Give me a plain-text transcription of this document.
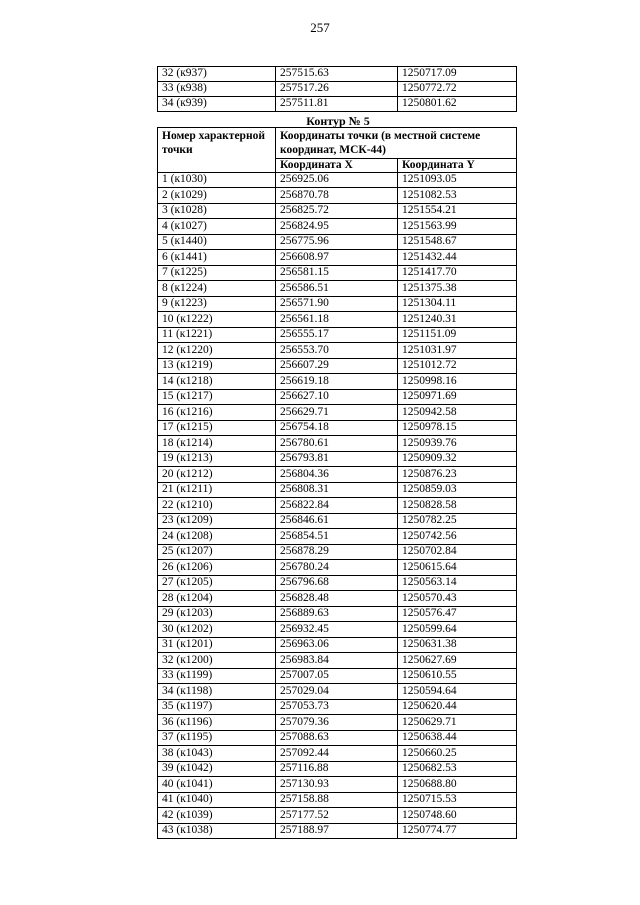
257
32 (к937)	257515.63	1250717.09
33 (к938)	257517.26	1250772.72
34 (к939)	257511.81	1250801.62
Контур № 5
Номер характерной точки	Координаты точки (в местной системе координат, МСК-44)	
	Координата X	Координата Y
1 (к1030)	256925.06	1251093.05
2 (к1029)	256870.78	1251082.53
3 (к1028)	256825.72	1251554.21
4 (к1027)	256824.95	1251563.99
5 (к1440)	256775.96	1251548.67
6 (к1441)	256608.97	1251432.44
7 (к1225)	256581.15	1251417.70
8 (к1224)	256586.51	1251375.38
9 (к1223)	256571.90	1251304.11
10 (к1222)	256561.18	1251240.31
11 (к1221)	256555.17	1251151.09
12 (к1220)	256553.70	1251031.97
13 (к1219)	256607.29	1251012.72
14 (к1218)	256619.18	1250998.16
15 (к1217)	256627.10	1250971.69
16 (к1216)	256629.71	1250942.58
17 (к1215)	256754.18	1250978.15
18 (к1214)	256780.61	1250939.76
19 (к1213)	256793.81	1250909.32
20 (к1212)	256804.36	1250876.23
21 (к1211)	256808.31	1250859.03
22 (к1210)	256822.84	1250828.58
23 (к1209)	256846.61	1250782.25
24 (к1208)	256854.51	1250742.56
25 (к1207)	256878.29	1250702.84
26 (к1206)	256780.24	1250615.64
27 (к1205)	256796.68	1250563.14
28 (к1204)	256828.48	1250570.43
29 (к1203)	256889.63	1250576.47
30 (к1202)	256932.45	1250599.64
31 (к1201)	256963.06	1250631.38
32 (к1200)	256983.84	1250627.69
33 (к1199)	257007.05	1250610.55
34 (к1198)	257029.04	1250594.64
35 (к1197)	257053.73	1250620.44
36 (к1196)	257079.36	1250629.71
37 (к1195)	257088.63	1250638.44
38 (к1043)	257092.44	1250660.25
39 (к1042)	257116.88	1250682.53
40 (к1041)	257130.93	1250688.80
41 (к1040)	257158.88	1250715.53
42 (к1039)	257177.52	1250748.60
43 (к1038)	257188.97	1250774.77
